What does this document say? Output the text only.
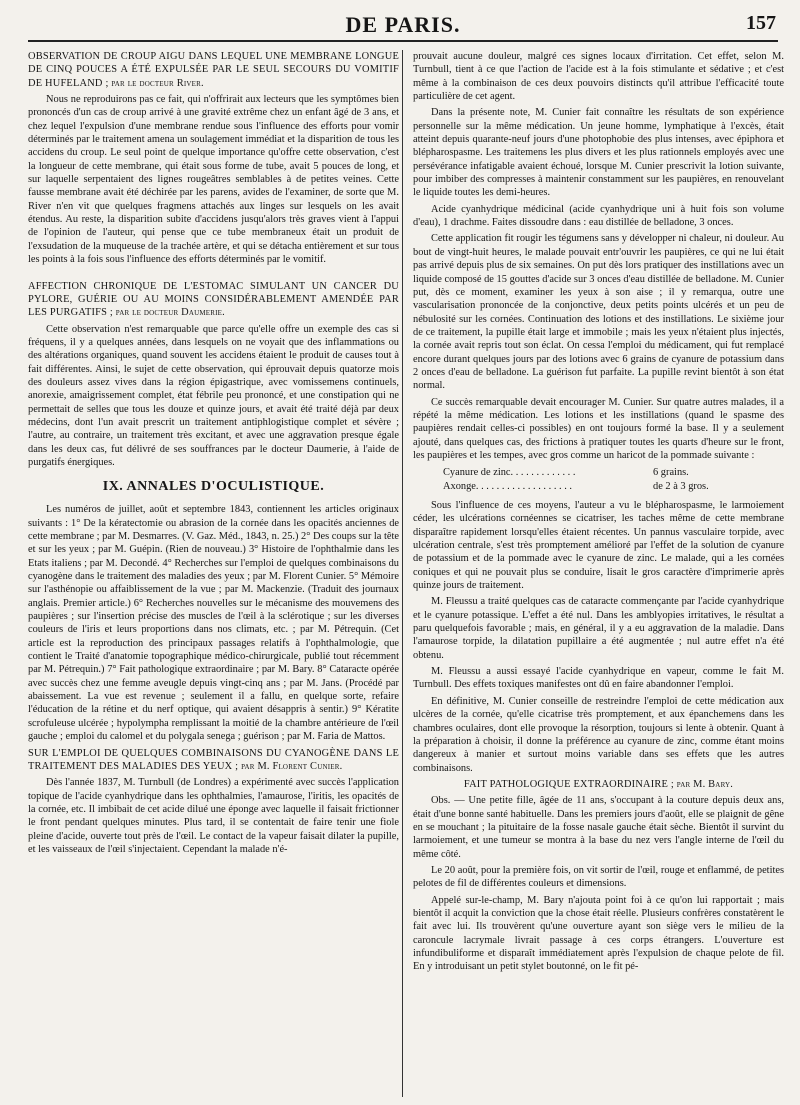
DE PARIS.	157

OBSERVATION DE CROUP AIGU DANS LEQUEL UNE MEMBRANE LONGUE DE CINQ POUCES A ÉTÉ EXPULSÉE PAR LE SEUL SECOURS DU VOMITIF DE HUFELAND ; par le docteur River.

Nous ne reproduirons pas ce fait, qui n'offrirait aux lecteurs que les symptômes bien prononcés d'un cas de croup arrivé à une gravité extrême chez un enfant âgé de 3 ans, et chez lequel l'expulsion d'une membrane rendue sous l'influence des efforts pour vomir déterminés par le traitement amena un soulagement immédiat et la disparition de tous les accidens du croup. Le seul point de quelque importance qu'offre cette observation, c'est la longueur de cette membrane, qui était sous forme de tube, avait 5 pouces de long, et sur laquelle serpentaient des lignes rougeâtres semblables à de petites veines. Cette fausse membrane avait été déchirée par les parens, avides de l'examiner, de sorte que M. River n'en vit que quelques fragmens attachés aux linges sur lesquels on les avait étendus. Au reste, la disparition subite d'accidens jusqu'alors très graves vient à l'appui de l'opinion de l'auteur, qui pense que ce tube membraneux était un produit de l'exsudation de la muqueuse de la trachée artère, et qui se détacha entièrement et sur tous les points à la fois sous l'influence des efforts déterminés par le vomitif.

AFFECTION CHRONIQUE DE L'ESTOMAC SIMULANT UN CANCER DU PYLORE, GUÉRIE OU AU MOINS CONSIDÉRABLEMENT AMENDÉE PAR LES PURGATIFS ; par le docteur Daumerie.

Cette observation n'est remarquable que parce qu'elle offre un exemple des cas si fréquens, il y a quelques années, dans lesquels on ne voyait que des inflammations ou des altérations organiques, quand souvent les accidens étaient le produit de causes tout à fait différentes. Ainsi, le sujet de cette observation, qui éprouvait depuis quatorze mois des douleurs assez vives dans la région épigastrique, avec vomissemens continuels, anorexie, amaigrissement complet, état fébrile peu prononcé, et une constipation qui ne permettait de selles que tous les douze et quinze jours, et avait été traité déjà par deux médecins, dont l'un avait prescrit un traitement antiphlogistique complet et sévère ; l'autre, au contraire, un traitement très excitant, et avec une aggravation presque égale dans les deux cas, fut délivré de ses souffrances par le docteur Daumerie, à l'aide de purgatifs énergiques.

IX. ANNALES D'OCULISTIQUE.

Les numéros de juillet, août et septembre 1843, contiennent les articles originaux suivants : 1° De la kératectomie ou abrasion de la cornée dans les opacités anciennes de cette membrane ; par M. Desmarres. (V. Gaz. Méd., 1843, n. 25.) 2° Des coups sur la tête et sur les yeux ; par M. Guépin. (Rien de nouveau.) 3° Histoire de l'ophthalmie dans les Etats italiens ; par M. Decondé. 4° Recherches sur l'emploi de quelques combinaisons du cyanogène dans le traitement des maladies des yeux ; par M. Florent Cunier. 5° Mémoire sur l'asthénopie ou affaiblissement de la vue ; par M. Mackenzie. (Traduit des journaux anglais. Premier article.) 6° Recherches nouvelles sur le mécanisme des mouvemens des paupières ; sur l'insertion précise des muscles de l'œil à la sclérotique ; sur les diverses couleurs de l'iris et leurs proportions dans nos climats, etc. ; par M. Pétrequin. (Cet article est la reproduction des principaux passages relatifs à l'ophthalmologie, que contient le Traité d'anatomie topographique médico-chirurgicale, publié tout récemment par M. Pétrequin.) 7° Fait pathologique extraordinaire ; par M. Bary. 8° Cataracte opérée avec succès chez une femme aveugle depuis vingt-cinq ans ; par M. Jans. (Procédé par abaissement. La vue est revenue ; seulement il a fallu, en quelque sorte, refaire l'éducation de la rétine et du nerf optique, qui avaient désappris à sentir.) 9° Kératite scrofuleuse ulcérée ; hypolympha remplissant la moitié de la chambre antérieure de l'œil gauche ; emploi du calomel et du polygala senega ; guérison ; par M. Faria de Mattos.

SUR L'EMPLOI DE QUELQUES COMBINAISONS DU CYANOGÈNE DANS LE TRAITEMENT DES MALADIES DES YEUX ; par M. Florent Cunier.

Dès l'année 1837, M. Turnbull (de Londres) a expérimenté avec succès l'application topique de l'acide cyanhydrique dans les ophthalmies, l'amaurose, l'iritis, les opacités de la cornée, etc. Il imbibait de cet acide dilué une éponge avec laquelle il faisait frictionner le front pendant quelques minutes. Plus tard, il se contentait de faire tenir une fiole pleine d'acide, ouverte tout près de l'œil. Le contact de la vapeur faisait dilater la pupille, et les vaisseaux de l'œil s'injectaient. Cependant la malade n'é-

prouvait aucune douleur, malgré ces signes locaux d'irritation. Cet effet, selon M. Turnbull, tient à ce que l'action de l'acide est à la fois stimulante et sédative ; et c'est même à la combinaison de ces deux pouvoirs distincts qu'il attribue l'efficacité toute particulière de cet agent.

Dans la présente note, M. Cunier fait connaître les résultats de son expérience personnelle sur la même médication. Un jeune homme, lymphatique à l'excès, était atteint depuis quarante-neuf jours d'une photophobie des plus intenses, avec épiphora et blépharospasme. Les traitemens les plus divers et les plus rationnels employés avec une persévérance infatigable avaient échoué, lorsque M. Cunier prescrivit la lotion suivante, pour imbiber des compresses à maintenir constamment sur les paupières, en renouvelant le liquide toutes les demi-heures.

Acide cyanhydrique médicinal (acide cyanhydrique uni à huit fois son volume d'eau), 1 drachme. Faites dissoudre dans : eau distillée de belladone, 3 onces.

Cette application fit rougir les tégumens sans y développer ni chaleur, ni douleur. Au bout de vingt-huit heures, le malade pouvait entr'ouvrir les paupières, ce qui ne lui était pas arrivé depuis plus de six semaines. On put dès lors pratiquer des instillations avec un liquide composé de 15 gouttes d'acide sur 3 onces d'eau distillée de belladone. M. Cunier put, dès ce moment, examiner les yeux à son aise ; il y remarqua, outre une vascularisation prononcée de la conjonctive, deux petits points ulcérés et un peu de nébulosité sur les cornées. Continuation des lotions et des instillations. Le sixième jour de ce traitement, la pupille était large et immobile ; mais les yeux n'étaient plus injectés, la cornée avait repris tout son éclat. On cessa l'emploi du médicament, qui fut remplacé encore durant quelques jours par des lotions avec 6 grains de cyanure de potassium dans 2 onces d'eau de belladone. La guérison fut parfaite. La pupille revint bientôt à son état normal.

Ce succès remarquable devait encourager M. Cunier. Sur quatre autres malades, il a répété la même médication. Les lotions et les instillations (quand le spasme des paupières rendait celles-ci possibles) en ont toujours formé la base. Il y a seulement ajouté, dans quelques cas, des frictions à pratiquer toutes les quarts d'heure sur le front, les paupières et les tempes, avec gros comme un haricot de la pommade suivante :

Cyanure de zinc. . . . . . . . . . . . .	6 grains.
Axonge. . . . . . . . . . . . . . . . . . .	de 2 à 3 gros.

Sous l'influence de ces moyens, l'auteur a vu le blépharospasme, le larmoiement céder, les ulcérations cornéennes se cicatriser, les taches même de cette membrane disparaître rapidement lorsqu'elles étaient récentes. Un pannus vasculaire torpide, avec ulcération centrale, s'est très promptement amélioré par l'effet de la solution de cyanure de potassium et de la pommade avec le cyanure de zinc. Le malade, qui a les cornées coniques et qui ne pouvait plus se conduire, lisait le gros caractère d'imprimerie après quinze jours de traitement.

M. Fleussu a traité quelques cas de cataracte commençante par l'acide cyanhydrique et le cyanure potassique. L'effet a été nul. Dans les amblyopies irritatives, le résultat a paru quelquefois favorable ; mais, en général, il y a eu aggravation de la maladie. Dans l'amaurose torpide, la dilatation pupillaire a été augmentée ; nul autre effet n'a été obtenu.

M. Fleussu a aussi essayé l'acide cyanhydrique en vapeur, comme le fait M. Turnbull. Des effets toxiques manifestes ont dû en faire abandonner l'emploi.

En définitive, M. Cunier conseille de restreindre l'emploi de cette médication aux ulcères de la cornée, qu'elle cicatrise très promptement, et aux épanchemens dans les chambres oculaires, dont elle provoque la résorption, toujours si lente à obtenir. Quant à la préparation à choisir, il donne la préférence au cyanure de zinc, comme étant moins dangereux à manier et surtout moins variable dans ses effets que les autres combinaisons.

FAIT PATHOLOGIQUE EXTRAORDINAIRE ; par M. Bary.

Obs. — Une petite fille, âgée de 11 ans, s'occupant à la couture depuis deux ans, était d'une bonne santé habituelle. Dans les premiers jours d'août, elle se plaignit de gêne en se mouchant ; la pituitaire de la fosse nasale gauche était sèche. Bientôt il survint du larmoiement, et une tumeur se montra à la base du nez vers l'angle interne de l'œil du même côté.

Le 20 août, pour la première fois, on vit sortir de l'œil, rouge et enflammé, de petites pelotes de fil de différentes couleurs et dimensions.

Appelé sur-le-champ, M. Bary n'ajouta point foi à ce qu'on lui rapportait ; mais bientôt il acquit la conviction que la chose était réelle. Plusieurs confrères constatèrent le fait avec lui. Ils trouvèrent qu'une ouverture ayant son siège vers le milieu de la caroncule lacrymale livrait passage à ces corps étrangers. L'ouverture est infundibuliforme et disparaît immédiatement après l'expulsion de chaque pelote de fil. En y introduisant un petit stylet boutonné, on le fit pé-
